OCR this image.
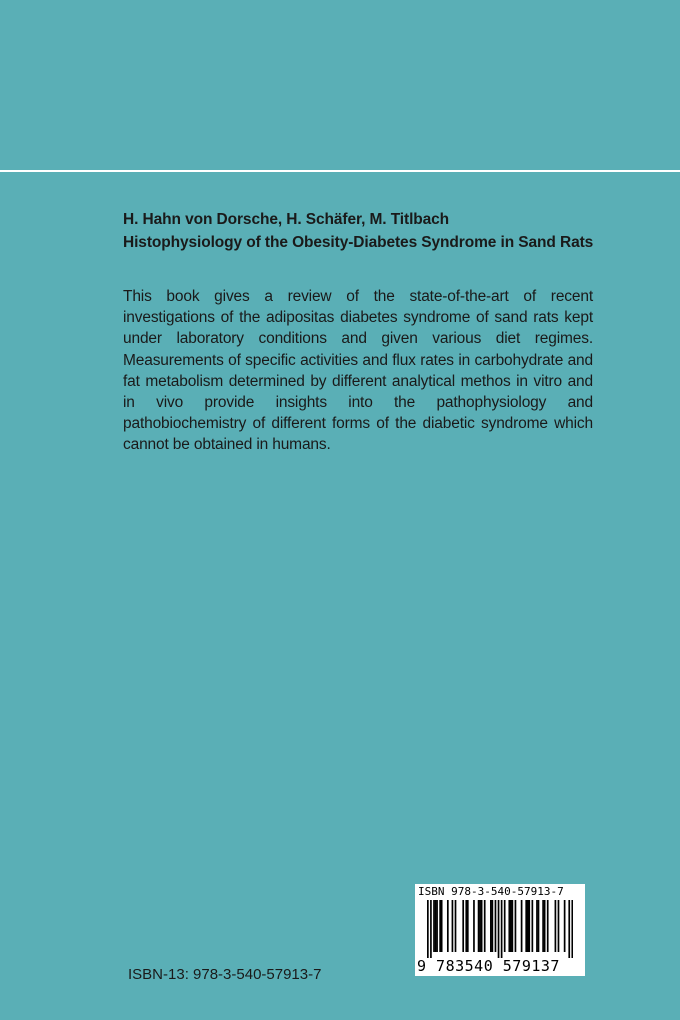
H. Hahn von Dorsche, H. Schäfer, M. Titlbach

Histophysiology of the Obesity-Diabetes Syndrome in Sand Rats

This book gives a review of the state-of-the-art of recent investigations of the adipositas diabetes syndrome of sand rats kept under laboratory conditions and given various diet regimes. Measurements of specific activities and flux rates in carbohydrate and fat metabolism determined by different analytical methos in vitro and in vivo provide insights into the pathophysiology and pathobiochemistry of different forms of the diabetic syndrome which cannot be obtained in humans.

ISBN-13: 978-3-540-57913-7

ISBN 978-3-540-57913-7
9 783540 579137
